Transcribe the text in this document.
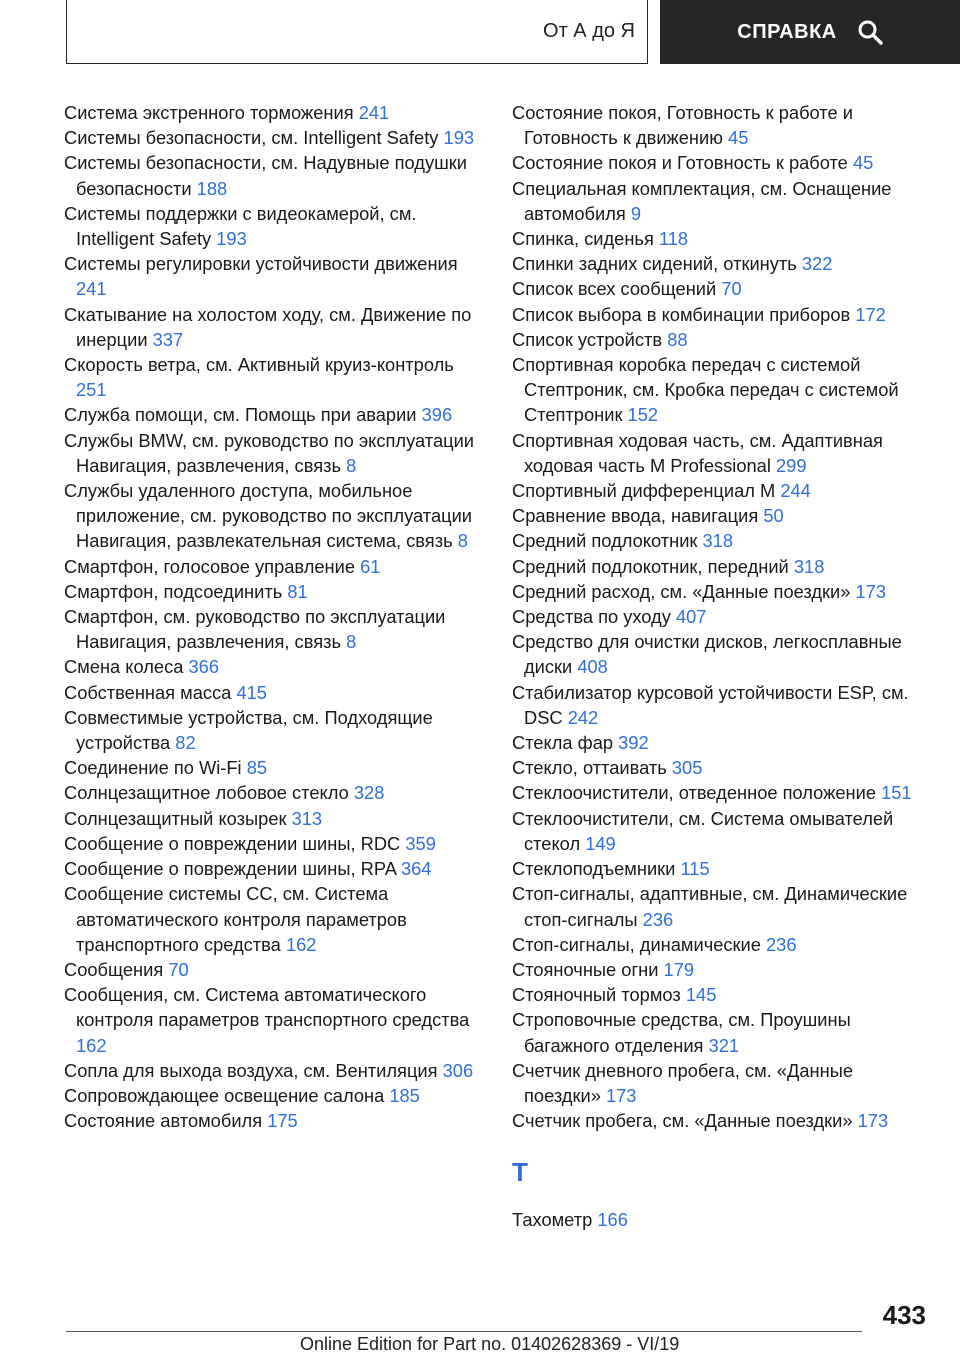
От А до Я	СПРАВКА

Система экстренного торможения 241

Системы безопасности, см. Intelligent Safety 193

Системы безопасности, см. Надувные подушки безопасности 188

Системы поддержки с видеокамерой, см. Intelligent Safety 193

Системы регулировки устойчивости движения 241

Скатывание на холостом ходу, см. Движение по инерции 337

Скорость ветра, см. Активный круиз-контроль 251

Служба помощи, см. Помощь при аварии 396

Службы BMW, см. руководство по эксплуатации Навигация, развлечения, связь 8

Службы удаленного доступа, мобильное приложение, см. руководство по эксплуатации Навигация, развлекательная система, связь 8

Смартфон, голосовое управление 61

Смартфон, подсоединить 81

Смартфон, см. руководство по эксплуатации Навигация, развлечения, связь 8

Смена колеса 366

Собственная масса 415

Совместимые устройства, см. Подходящие устройства 82

Соединение по Wi-Fi 85

Солнцезащитное лобовое стекло 328

Солнцезащитный козырек 313

Сообщение о повреждении шины, RDC 359

Сообщение о повреждении шины, RPA 364

Сообщение системы CC, см. Система автоматического контроля параметров транспортного средства 162

Сообщения 70

Сообщения, см. Система автоматического контроля параметров транспортного средства 162

Сопла для выхода воздуха, см. Вентиляция 306

Сопровождающее освещение салона 185

Состояние автомобиля 175

Состояние покоя, Готовность к работе и Готовность к движению 45

Состояние покоя и Готовность к работе 45

Специальная комплектация, см. Оснащение автомобиля 9

Спинка, сиденья 118

Спинки задних сидений, откинуть 322

Список всех сообщений 70

Список выбора в комбинации приборов 172

Список устройств 88

Спортивная коробка передач с системой Стептроник, см. Кробка передач с системой Стептроник 152

Спортивная ходовая часть, см. Адаптивная ходовая часть M Professional 299

Спортивный дифференциал M 244

Сравнение ввода, навигация 50

Средний подлокотник 318

Средний подлокотник, передний 318

Средний расход, см. «Данные поездки» 173

Средства по уходу 407

Средство для очистки дисков, легкосплавные диски 408

Стабилизатор курсовой устойчивости ESP, см. DSC 242

Стекла фар 392

Стекло, оттаивать 305

Стеклоочистители, отведенное положение 151

Стеклоочистители, см. Система омывателей стекол 149

Стеклоподъемники 115

Стоп-сигналы, адаптивные, см. Динамические стоп-сигналы 236

Стоп-сигналы, динамические 236

Стояночные огни 179

Стояночный тормоз 145

Строповочные средства, см. Проушины багажного отделения 321

Счетчик дневного пробега, см. «Данные поездки» 173

Счетчик пробега, см. «Данные поездки» 173

Т

Тахометр 166

433
Online Edition for Part no. 01402628369 - VI/19
